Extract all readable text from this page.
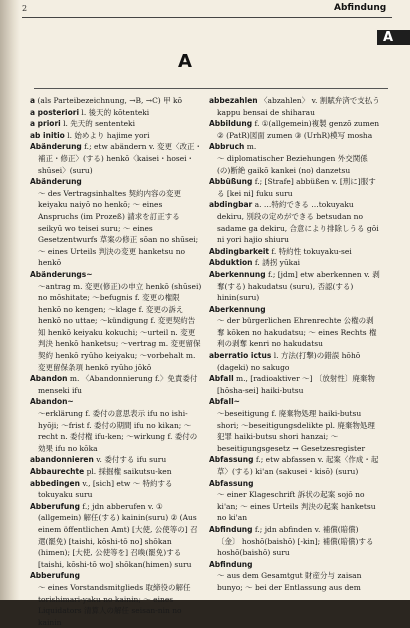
2	Abfindung
A
A

a (als Parteibezeichnung, →B, →C) 甲 kō

a posteriori l. 後天的 kōtenteki

a priori l. 先天的 sententeki

ab initio l. 始めより hajime yori

Abänderung f.; etw abändern v. 変更〈改正・補正・修正〉(する) henkō〈kaisei・hosei・shūsei〉(suru)

Abänderung

～ des Vertragsinhaltes 契約内容の変更 keiyaku naiyō no henkō; ～ eines Anspruchs (im Prozeß) 請求を訂正する seikyū wo teisei suru; ～ eines Gesetzentwurfs 草案の修正 sōan no shūsei; ～ eines Urteils 判決の変更 hanketsu no henkō

Abänderungs~

～antrag m. 変更(修正)の申立 henkō (shūsei) no mōshitate; ～befugnis f. 変更の権限 henkō no kengen; ～klage f. 変更の訴え henkō no uttae; ～kündigung f. 変更契約告知 henkō keiyaku kokuchi; ～urteil n. 変更判決 henkō hanketsu; ～vertrag m. 変更留保契約 henkō ryūho keiyaku; ～vorbehalt m. 変更留保条項 henkō ryūho jōkō

Abandon m. 〈Abandonnierung f.〉免責委付 menseki ifu

Abandon~

～erklärung f. 委付の意思表示 ifu no ishi-hyōji; ～frist f. 委付の期間 ifu no kikan; ～recht n. 委付権 ifu-ken; ～wirkung f. 委付の効果 ifu no kōka

abandonnieren v. 委付する ifu suru

Abbaurechte pl. 採掘権 saikutsu-ken

abbedingen v., [sich] etw ～ 特約する tokuyaku suru

Abberufung f.; jdn abberufen v. ① (allgemein) 解任(する) kainin(suru) ② (Aus einem öffentlichen Amt) [大使, 公使等の] 召還(罷免) [taishi, kōshi-tō no] shōkan (himen); [大使, 公使等を] 召喚(罷免)する [taishi, kōshi-tō wo] shōkan(himen) suru

Abberufung

～ eines Vorstandsmitglieds 取締役の解任 torishimari-yaku no kainin; ～ eines Liquidators 清算人の解任 seisan-nin no kainin

abbezahlen 〈abzahlen〉 v. 割賦弁済で支払う kappu bensai de shiharau

Abbildung f. ①(allgemein)複製 genzō zumen ② (PatR)図面 zumen ③ (UrhR)模写 mosha

Abbruch m.

～ diplomatischer Beziehungen 外交関係(の)断絶 gaikō kankei (no) danzetsu

Abbüßung f.; [Strafe] abbüßen v. [刑に]服する [kei ni] fuku suru

abdingbar a. …特約できる …tokuyaku dekiru, 別段の定めができる betsudan no sadame ga dekiru, 合意により排除しうる gōi ni yori hajio shiuru

Abdingbarkeit f. 特約性 tokuyaku-sei

Abduktion f. 誘拐 yūkai

Aberkennung f.; [jdm] etw aberkennen v. 剥奪(する) hakudatsu (suru), 否認(する) hinin(suru)

Aberkennung

～ der bürgerlichen Ehrenrechte 公権の剥奪 kōken no hakudatsu; ～ eines Rechts 権利の剥奪 kenri no hakudatsu

aberratio ictus l. 方法(打撃)の錯誤 hōhō (dageki) no sakugo

Abfall m., [radioaktiver ～] 〔放射性〕廃棄物 [hōsha-sei] haiki-butsu

Abfall~

～beseitigung f. 廃棄物処理 haiki-butsu shori; ～beseitigungsdelikte pl. 廃棄物処理犯罪 haiki-butsu shori hanzai; ～beseitigungsgesetz → Gesetzesregister

Abfassung f.; etw abfassen v. 起案〈作成・起草〉(する) ki'an (sakusei・kisō) (suru)

Abfassung

～ einer Klageschrift 訴状の起案 sojō no ki'an; ～ eines Urteils 判決の起案 hanketsu no ki'an

Abfindung f.; jdn abfinden v. 補償(賠償)〔金〕 hoshō(baishō) [-kin]; 補償(賠償)する hoshō(baishō) suru

Abfindung

～ aus dem Gesamtgut 財産分与 zaisan bunyo; ～ bei der Entlassung aus dem
